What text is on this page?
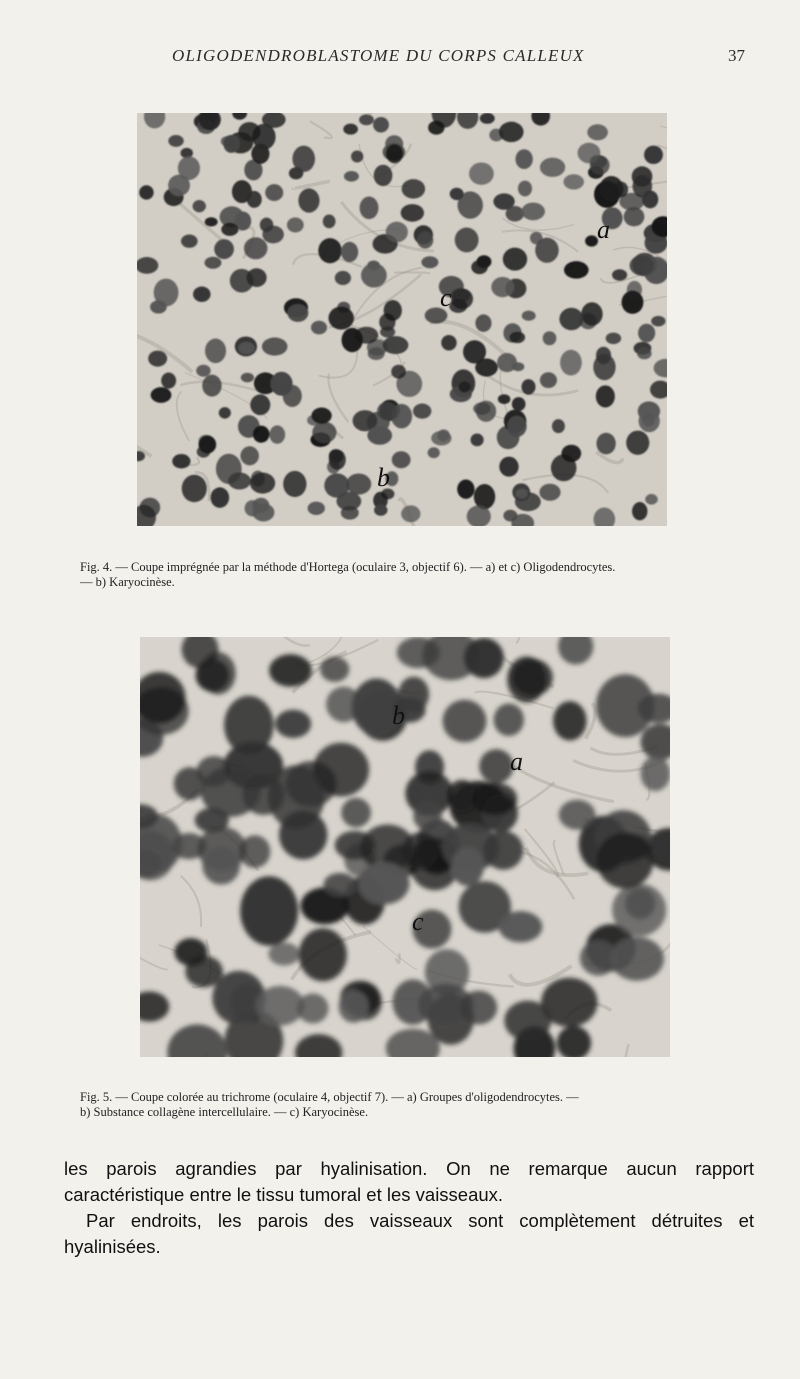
OLIGODENDROBLASTOME DU CORPS CALLEUX	37
a
c
b
Fig. 4. — Coupe imprégnée par la méthode d'Hortega (oculaire 3, objectif 6). — a) et c) Oligodendrocytes.
— b) Karyocinèse.
b
a
c
Fig. 5. — Coupe colorée au trichrome (oculaire 4, objectif 7). — a) Groupes d'oligodendrocytes. —
b) Substance collagène intercellulaire. — c) Karyocinèse.
les parois agrandies par hyalinisation. On ne remarque aucun rapport
caractéristique entre le tissu tumoral et les vaisseaux.
Par endroits, les parois des vaisseaux sont complètement détruites et
hyalinisées.
